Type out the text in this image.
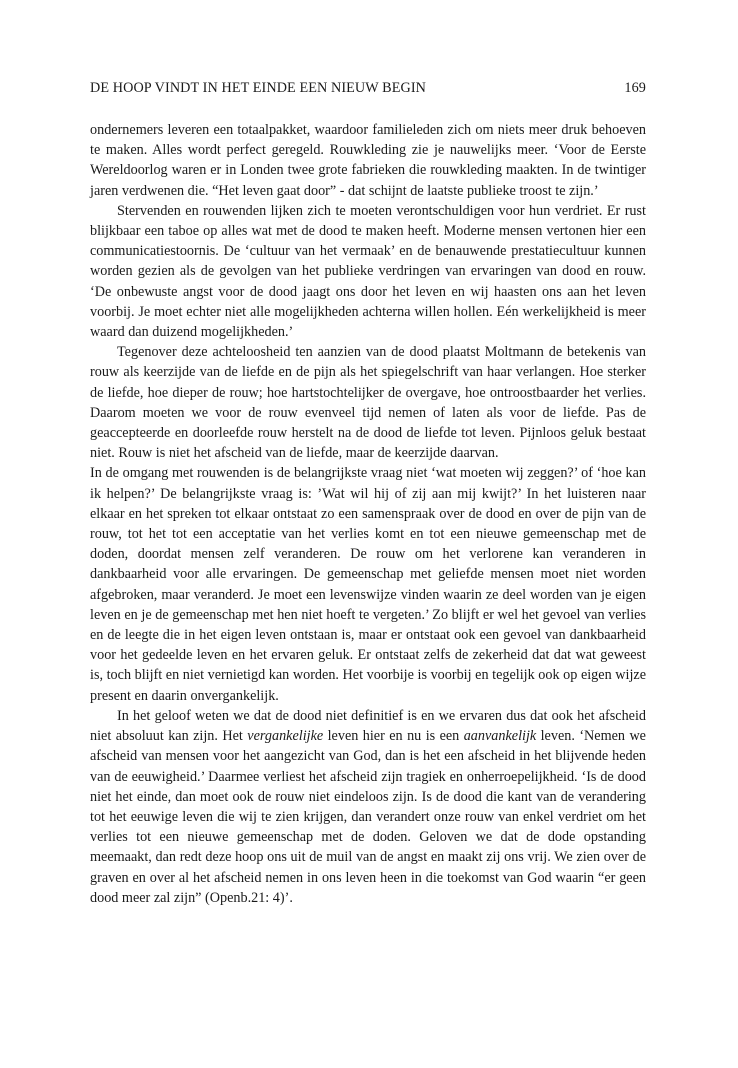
DE HOOP VINDT IN HET EINDE EEN NIEUW BEGIN	169

ondernemers leveren een totaalpakket, waardoor familieleden zich om niets meer druk behoeven te maken. Alles wordt perfect geregeld. Rouwkleding zie je nauwelijks meer. ‘Voor de Eerste Wereldoorlog waren er in Londen twee grote fabrieken die rouwkleding maakten. In de twintiger jaren verdwenen die. “Het leven gaat door” - dat schijnt de laatste publieke troost te zijn.’

Stervenden en rouwenden lijken zich te moeten verontschuldigen voor hun verdriet. Er rust blijkbaar een taboe op alles wat met de dood te maken heeft. Moderne mensen vertonen hier een communicatiestoornis. De ‘cultuur van het vermaak’ en de benauwende prestatiecultuur kunnen worden gezien als de gevolgen van het publieke verdringen van ervaringen van dood en rouw. ‘De onbewuste angst voor de dood jaagt ons door het leven en wij haasten ons aan het leven voorbij. Je moet echter niet alle mogelijkheden achterna willen hollen. Eén werkelijkheid is meer waard dan duizend mogelijkheden.’

Tegenover deze achteloosheid ten aanzien van de dood plaatst Moltmann de betekenis van rouw als keerzijde van de liefde en de pijn als het spiegelschrift van haar verlangen. Hoe sterker de liefde, hoe dieper de rouw; hoe hartstochtelijker de overgave, hoe ontroostbaarder het verlies. Daarom moeten we voor de rouw evenveel tijd nemen of laten als voor de liefde. Pas de geaccepteerde en doorleefde rouw herstelt na de dood de liefde tot leven. Pijnloos geluk bestaat niet. Rouw is niet het afscheid van de liefde, maar de keerzijde daarvan.

In de omgang met rouwenden is de belangrijkste vraag niet ‘wat moeten wij zeggen?’ of ‘hoe kan ik helpen?’ De belangrijkste vraag is: ’Wat wil hij of zij aan mij kwijt?’ In het luisteren naar elkaar en het spreken tot elkaar ontstaat zo een samenspraak over de dood en over de pijn van de rouw, tot het tot een acceptatie van het verlies komt en tot een nieuwe gemeenschap met de doden, doordat mensen zelf veranderen. De rouw om het verlorene kan veranderen in dankbaarheid voor alle ervaringen. De gemeenschap met geliefde mensen moet niet worden afgebroken, maar veranderd. Je moet een levenswijze vinden waarin ze deel worden van je eigen leven en je de gemeenschap met hen niet hoeft te vergeten.’ Zo blijft er wel het gevoel van verlies en de leegte die in het eigen leven ontstaan is, maar er ontstaat ook een gevoel van dankbaarheid voor het gedeelde leven en het ervaren geluk. Er ontstaat zelfs de zekerheid dat dat wat geweest is, toch blijft en niet vernietigd kan worden. Het voorbije is voorbij en tegelijk ook op eigen wijze present en daarin onvergankelijk.

In het geloof weten we dat de dood niet definitief is en we ervaren dus dat ook het afscheid niet absoluut kan zijn. Het vergankelijke leven hier en nu is een aanvankelijk leven. ‘Nemen we afscheid van mensen voor het aangezicht van God, dan is het een afscheid in het blijvende heden van de eeuwigheid.’ Daarmee verliest het afscheid zijn tragiek en onherroepelijkheid. ‘Is de dood niet het einde, dan moet ook de rouw niet eindeloos zijn. Is de dood die kant van de verandering tot het eeuwige leven die wij te zien krijgen, dan verandert onze rouw van enkel verdriet om het verlies tot een nieuwe gemeenschap met de doden. Geloven we dat de dode opstanding meemaakt, dan redt deze hoop ons uit de muil van de angst en maakt zij ons vrij. We zien over de graven en over al het afscheid nemen in ons leven heen in die toekomst van God waarin “er geen dood meer zal zijn” (Openb.21: 4)’.
